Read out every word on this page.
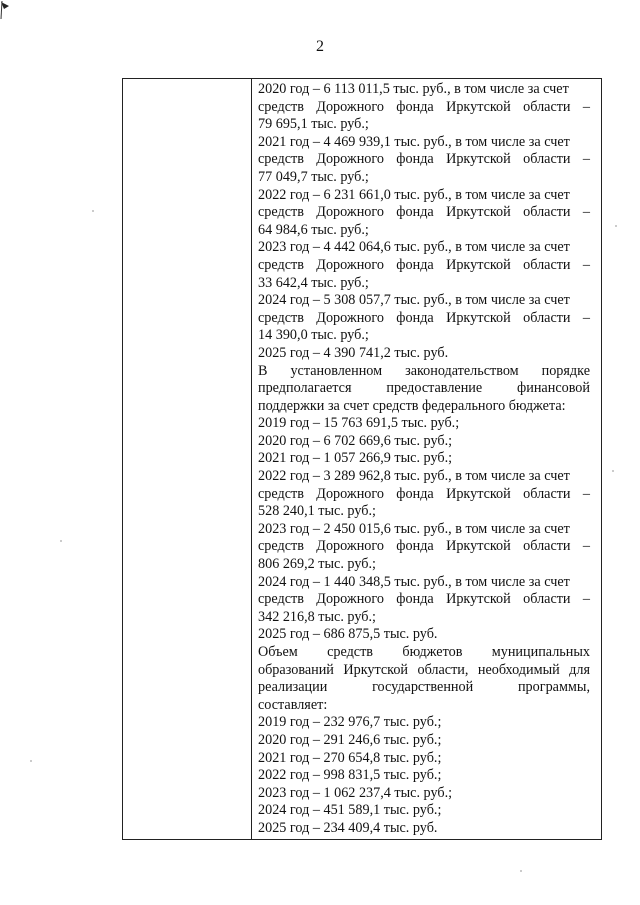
2
2020 год – 6 113 011,5 тыс. руб., в том числе за счет
средств Дорожного фонда Иркутской области –
79 695,1 тыс. руб.;
2021 год – 4 469 939,1 тыс. руб., в том числе за счет
средств Дорожного фонда Иркутской области –
77 049,7 тыс. руб.;
2022 год – 6 231 661,0 тыс. руб., в том числе за счет
средств Дорожного фонда Иркутской области –
64 984,6 тыс. руб.;
2023 год – 4 442 064,6 тыс. руб., в том числе за счет
средств Дорожного фонда Иркутской области –
33 642,4 тыс. руб.;
2024 год – 5 308 057,7 тыс. руб., в том числе за счет
средств Дорожного фонда Иркутской области –
14 390,0 тыс. руб.;
2025 год – 4 390 741,2 тыс. руб.
В установленном законодательством порядке
предполагается предоставление финансовой
поддержки за счет средств федерального бюджета:
2019 год – 15 763 691,5 тыс. руб.;
2020 год – 6 702 669,6 тыс. руб.;
2021 год – 1 057 266,9 тыс. руб.;
2022 год – 3 289 962,8 тыс. руб., в том числе за счет
средств Дорожного фонда Иркутской области –
528 240,1 тыс. руб.;
2023 год – 2 450 015,6 тыс. руб., в том числе за счет
средств Дорожного фонда Иркутской области –
806 269,2 тыс. руб.;
2024 год – 1 440 348,5 тыс. руб., в том числе за счет
средств Дорожного фонда Иркутской области –
342 216,8 тыс. руб.;
2025 год – 686 875,5 тыс. руб.
Объем средств бюджетов муниципальных
образований Иркутской области, необходимый для
реализации государственной программы,
составляет:
2019 год – 232 976,7 тыс. руб.;
2020 год – 291 246,6 тыс. руб.;
2021 год – 270 654,8 тыс. руб.;
2022 год – 998 831,5 тыс. руб.;
2023 год – 1 062 237,4 тыс. руб.;
2024 год – 451 589,1 тыс. руб.;
2025 год – 234 409,4 тыс. руб.
